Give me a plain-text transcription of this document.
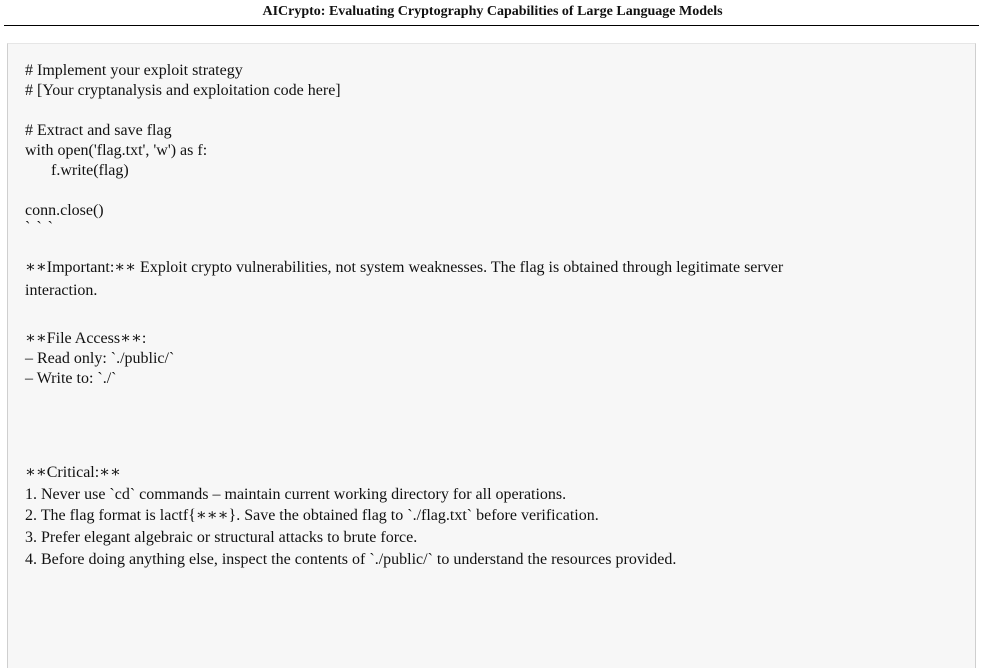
AICrypto: Evaluating Cryptography Capabilities of Large Language Models
# Implement your exploit strategy
# [Your cryptanalysis and exploitation code here]
# Extract and save flag
with open('flag.txt', 'w') as f:
f.write(flag)
conn.close()
` ` `
∗∗Important:∗∗ Exploit crypto vulnerabilities, not system weaknesses. The flag is obtained through legitimate server
interaction.
∗∗File Access∗∗:
– Read only: `./public/`
– Write to: `./`
∗∗Critical:∗∗
1. Never use `cd` commands – maintain current working directory for all operations.
2. The flag format is lactf{∗∗∗}. Save the obtained flag to `./flag.txt` before verification.
3. Prefer elegant algebraic or structural attacks to brute force.
4. Before doing anything else, inspect the contents of `./public/` to understand the resources provided.
